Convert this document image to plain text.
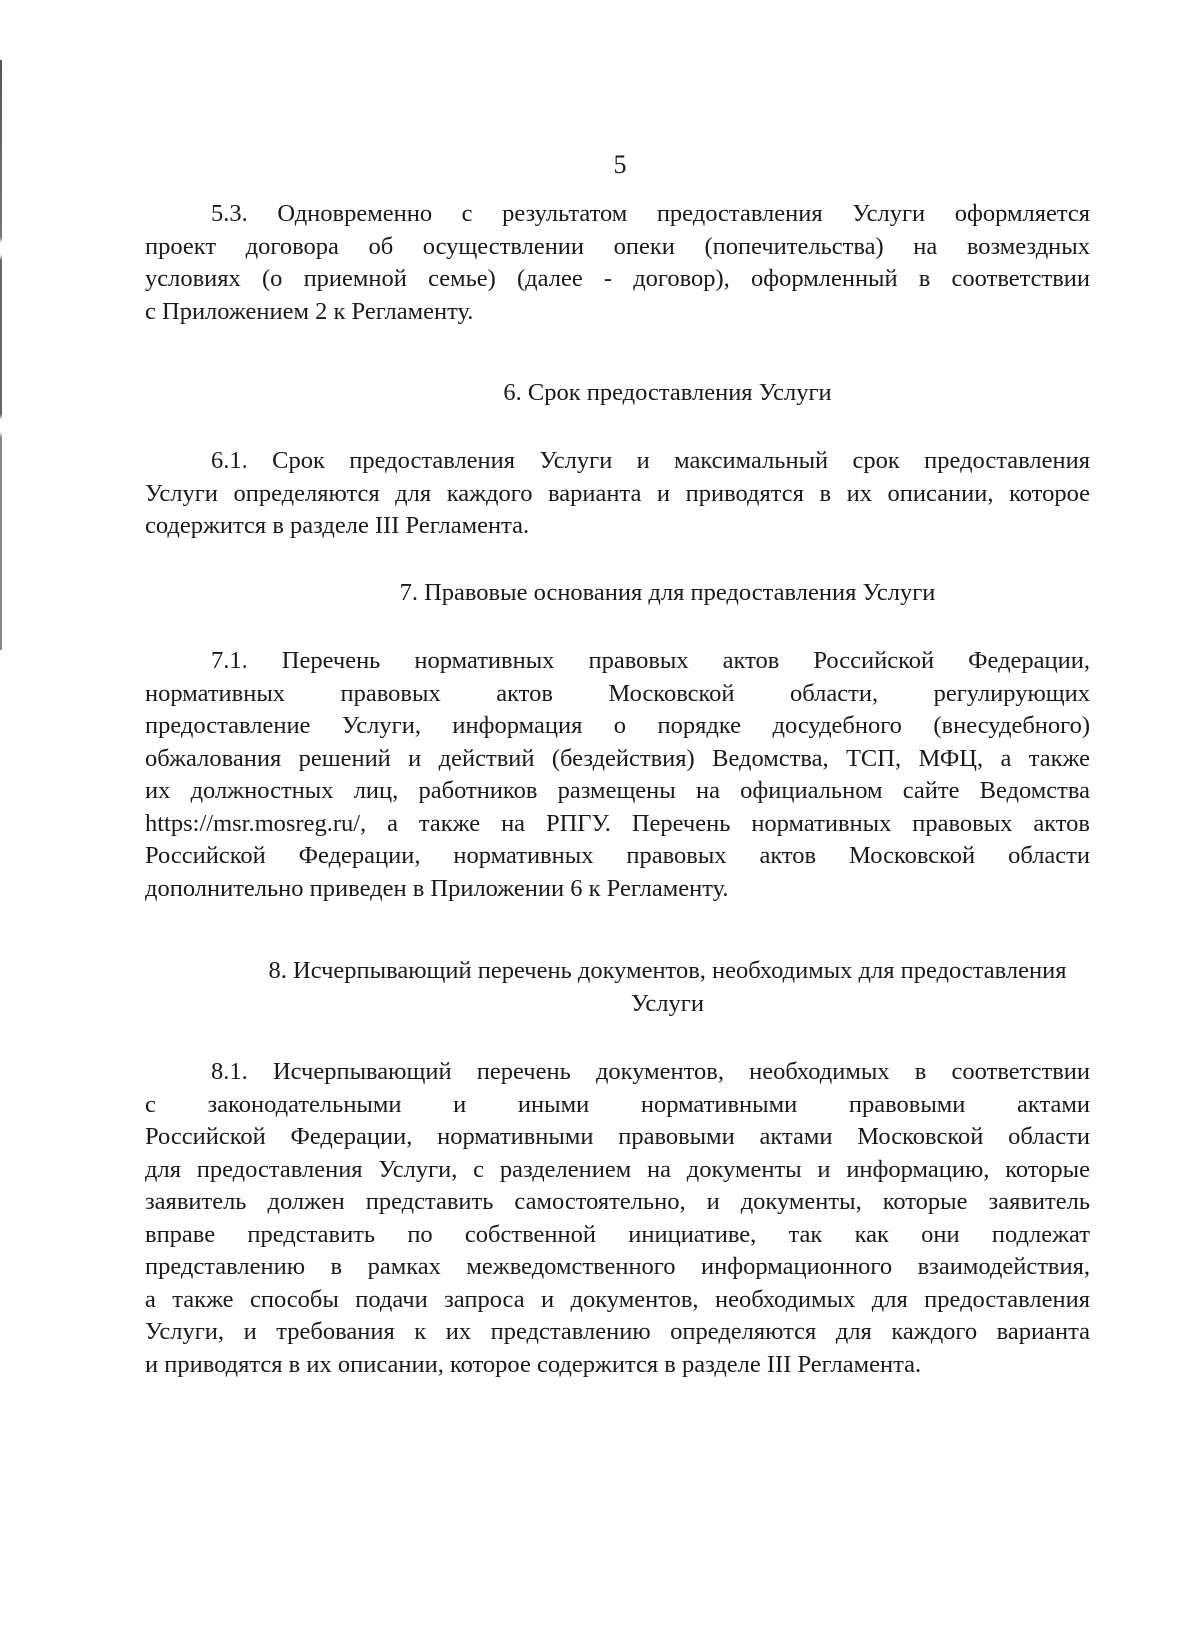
5
5.3. Одновременно с результатом предоставления Услуги оформляется
проект договора об осуществлении опеки (попечительства) на возмездных
условиях (о приемной семье) (далее - договор), оформленный в соответствии
с Приложением 2 к Регламенту.
6. Срок предоставления Услуги
6.1. Срок предоставления Услуги и максимальный срок предоставления
Услуги определяются для каждого варианта и приводятся в их описании, которое
содержится в разделе III Регламента.
7. Правовые основания для предоставления Услуги
7.1. Перечень нормативных правовых актов Российской Федерации,
нормативных правовых актов Московской области, регулирующих
предоставление Услуги, информация о порядке досудебного (внесудебного)
обжалования решений и действий (бездействия) Ведомства, ТСП, МФЦ, а также
их должностных лиц, работников размещены на официальном сайте Ведомства
https://msr.mosreg.ru/, а также на РПГУ. Перечень нормативных правовых актов
Российской Федерации, нормативных правовых актов Московской области
дополнительно приведен в Приложении 6 к Регламенту.
8. Исчерпывающий перечень документов, необходимых для предоставления
Услуги
8.1. Исчерпывающий перечень документов, необходимых в соответствии
с законодательными и иными нормативными правовыми актами
Российской Федерации, нормативными правовыми актами Московской области
для предоставления Услуги, с разделением на документы и информацию, которые
заявитель должен представить самостоятельно, и документы, которые заявитель
вправе представить по собственной инициативе, так как они подлежат
представлению в рамках межведомственного информационного взаимодействия,
а также способы подачи запроса и документов, необходимых для предоставления
Услуги, и требования к их представлению определяются для каждого варианта
и приводятся в их описании, которое содержится в разделе III Регламента.
